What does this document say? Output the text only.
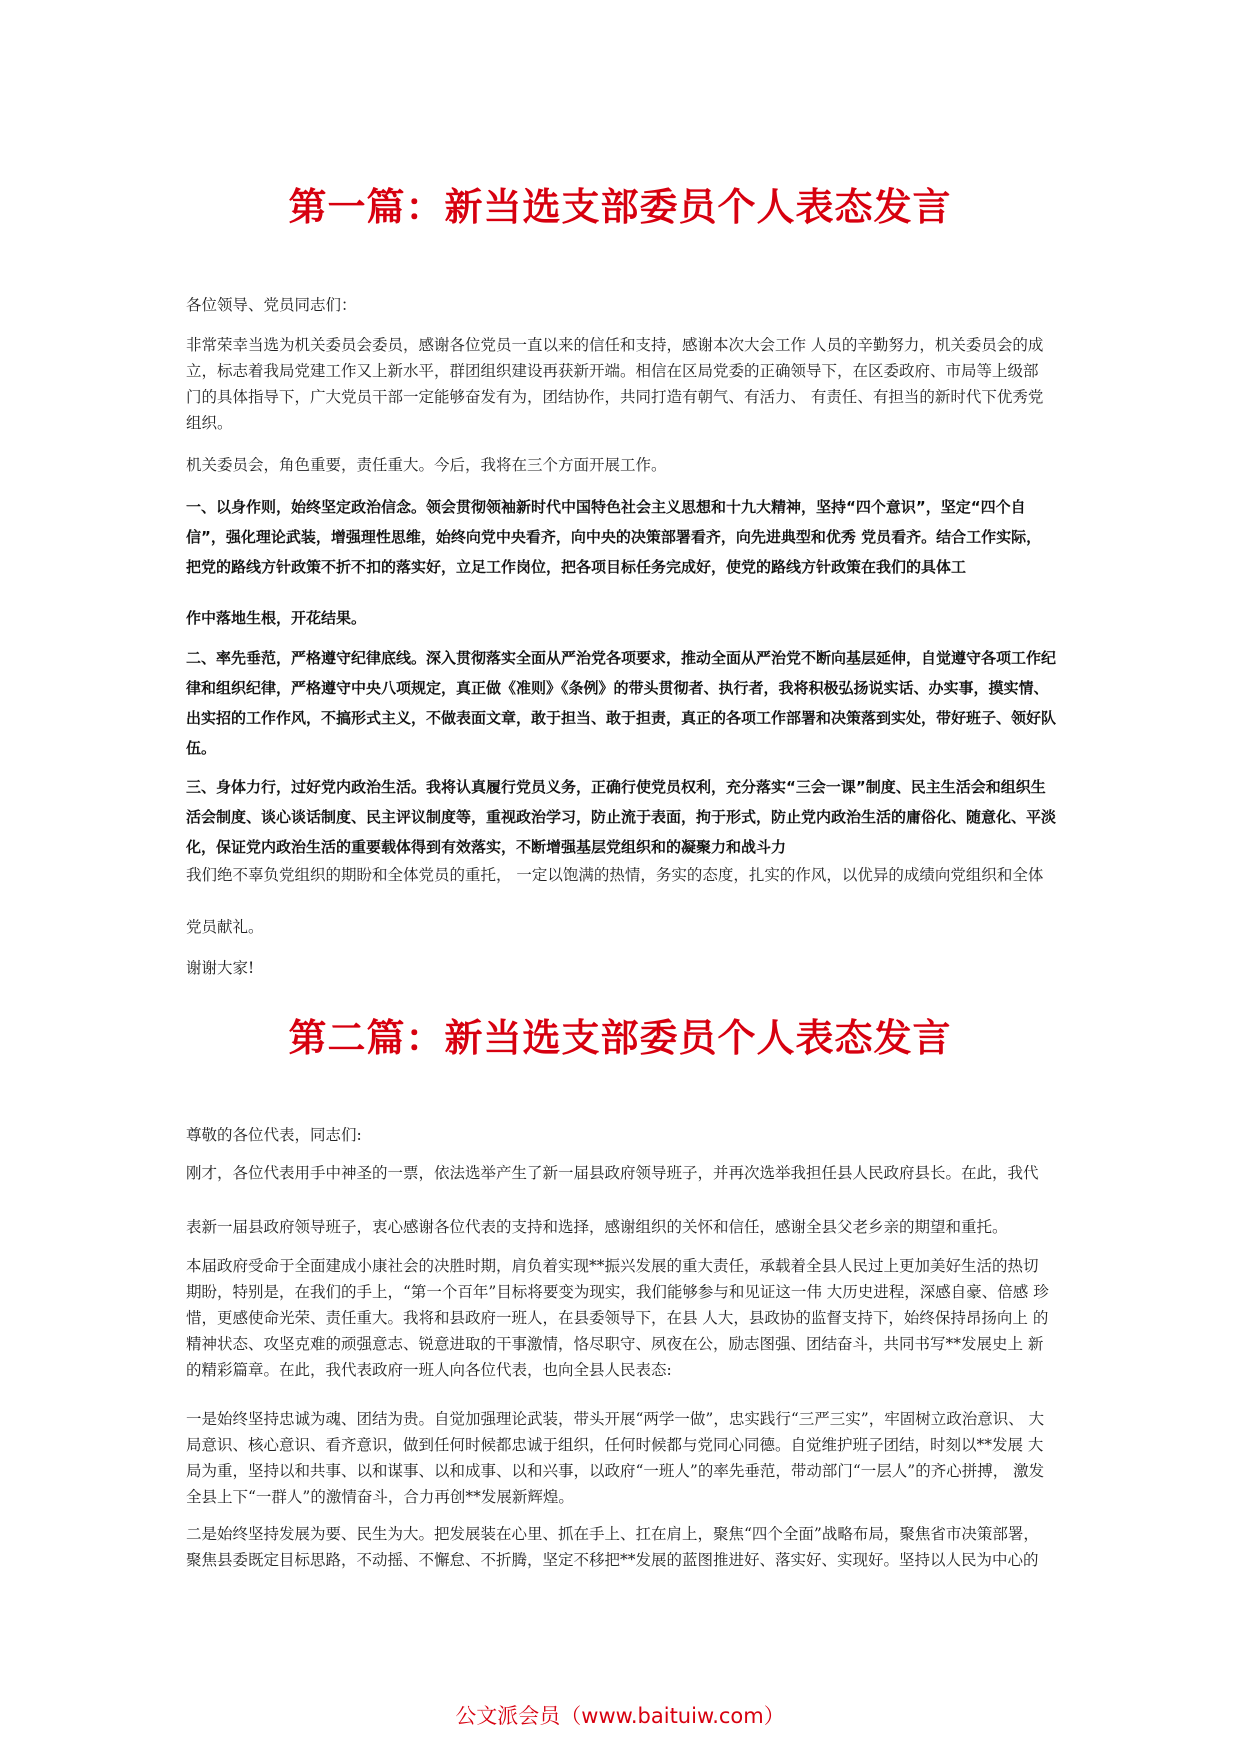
第一篇：新当选支部委员个人表态发言

各位领导、党员同志们：

非常荣幸当选为机关委员会委员，感谢各位党员一直以来的信任和支持，感谢本次大会工作 人员的辛勤努力，机关委员会的成 立，标志着我局党建工作又上新水平，群团组织建设再获新开端。相信在区局党委的正确领导下，在区委政府、市局等上级部 门的具体指导下，广大党员干部一定能够奋发有为，团结协作，共同打造有朝气、有活力、 有责任、有担当的新时代下优秀党 组织。

机关委员会，角色重要，责任重大。今后，我将在三个方面开展工作。

一、以身作则，始终坚定政治信念。领会贯彻领袖新时代中国特色社会主义思想和十九大精神，坚持“四个意识”，坚定“四个自信”，强化理论武装，增强理性思维，始终向党中央看齐，向中央的决策部署看齐，向先进典型和优秀 党员看齐。结合工作实际，把党的路线方针政策不折不扣的落实好，立足工作岗位，把各项目标任务完成好，使党的路线方针政策在我们的具体工

作中落地生根，开花结果。

二、率先垂范，严格遵守纪律底线。深入贯彻落实全面从严治党各项要求，推动全面从严治党不断向基层延伸，自觉遵守各项工作纪律和组织纪律，严格遵守中央八项规定，真正做《准则》《条例》的带头贯彻者、执行者，我将积极弘扬说实话、办实事，摸实情、出实招的工作作风，不搞形式主义，不做表面文章，敢于担当、敢于担责，真正的各项工作部署和决策落到实处，带好班子、领好队伍。

三、身体力行，过好党内政治生活。我将认真履行党员义务，正确行使党员权利，充分落实“三会一课”制度、民主生活会和组织生活会制度、谈心谈话制度、民主评议制度等，重视政治学习，防止流于表面，拘于形式，防止党内政治生活的庸俗化、随意化、平淡化，保证党内政治生活的重要载体得到有效落实，不断增强基层党组织和的凝聚力和战斗力

我们绝不辜负党组织的期盼和全体党员的重托， 一定以饱满的热情，务实的态度，扎实的作风，以优异的成绩向党组织和全体

党员献礼。

谢谢大家!

第二篇：新当选支部委员个人表态发言

尊敬的各位代表，同志们:

刚才，各位代表用手中神圣的一票，依法选举产生了新一届县政府领导班子，并再次选举我担任县人民政府县长。在此，我代

表新一届县政府领导班子，衷心感谢各位代表的支持和选择，感谢组织的关怀和信任，感谢全县父老乡亲的期望和重托。

本届政府受命于全面建成小康社会的决胜时期，肩负着实现**振兴发展的重大责任，承载着全县人民过上更加美好生活的热切 期盼，特别是，在我们的手上，“第一个百年”目标将要变为现实，我们能够参与和见证这一伟 大历史进程，深感自豪、倍感 珍惜，更感使命光荣、责任重大。我将和县政府一班人，在县委领导下，在县 人大，县政协的监督支持下，始终保持昂扬向上 的精神状态、攻坚克难的顽强意志、锐意进取的干事激情，恪尽职守、夙夜在公，励志图强、团结奋斗，共同书写**发展史上 新的精彩篇章。在此，我代表政府一班人向各位代表，也向全县人民表态:

一是始终坚持忠诚为魂、团结为贵。自觉加强理论武装，带头开展“两学一做”，忠实践行“三严三实”，牢固树立政治意识、 大局意识、核心意识、看齐意识，做到任何时候都忠诚于组织，任何时候都与党同心同德。自觉维护班子团结，时刻以**发展 大局为重，坚持以和共事、以和谋事、以和成事、以和兴事，以政府“一班人”的率先垂范，带动部门“一层人”的齐心拼搏， 激发全县上下“一群人”的激情奋斗，合力再创**发展新辉煌。

二是始终坚持发展为要、民生为大。把发展装在心里、抓在手上、扛在肩上，聚焦“四个全面”战略布局，聚焦省市决策部署， 聚焦县委既定目标思路，不动摇、不懈怠、不折腾，坚定不移把**发展的蓝图推进好、落实好、实现好。坚持以人民为中心的

公文派会员（www.baituiw.com）
